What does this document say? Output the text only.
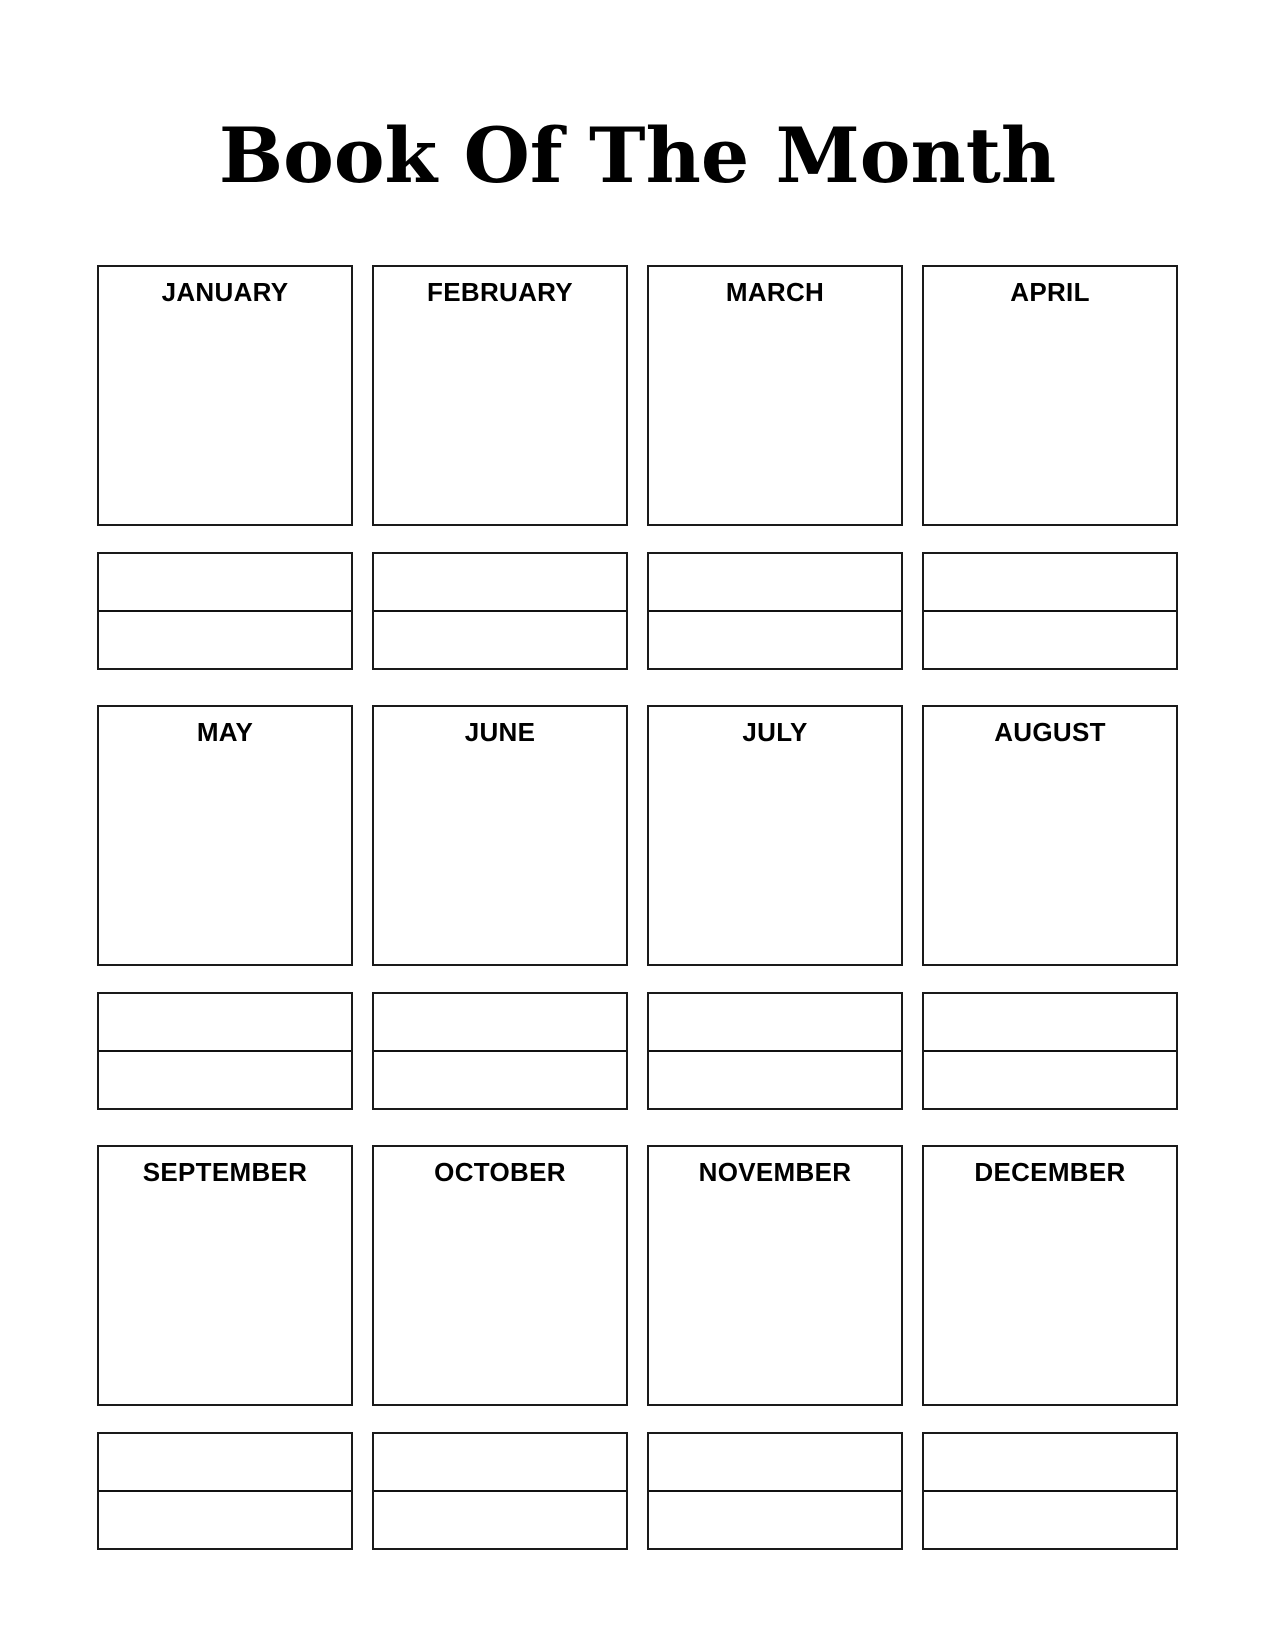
Book Of The Month
JANUARY	FEBRUARY	MARCH	APRIL
MAY	JUNE	JULY	AUGUST
SEPTEMBER	OCTOBER	NOVEMBER	DECEMBER
